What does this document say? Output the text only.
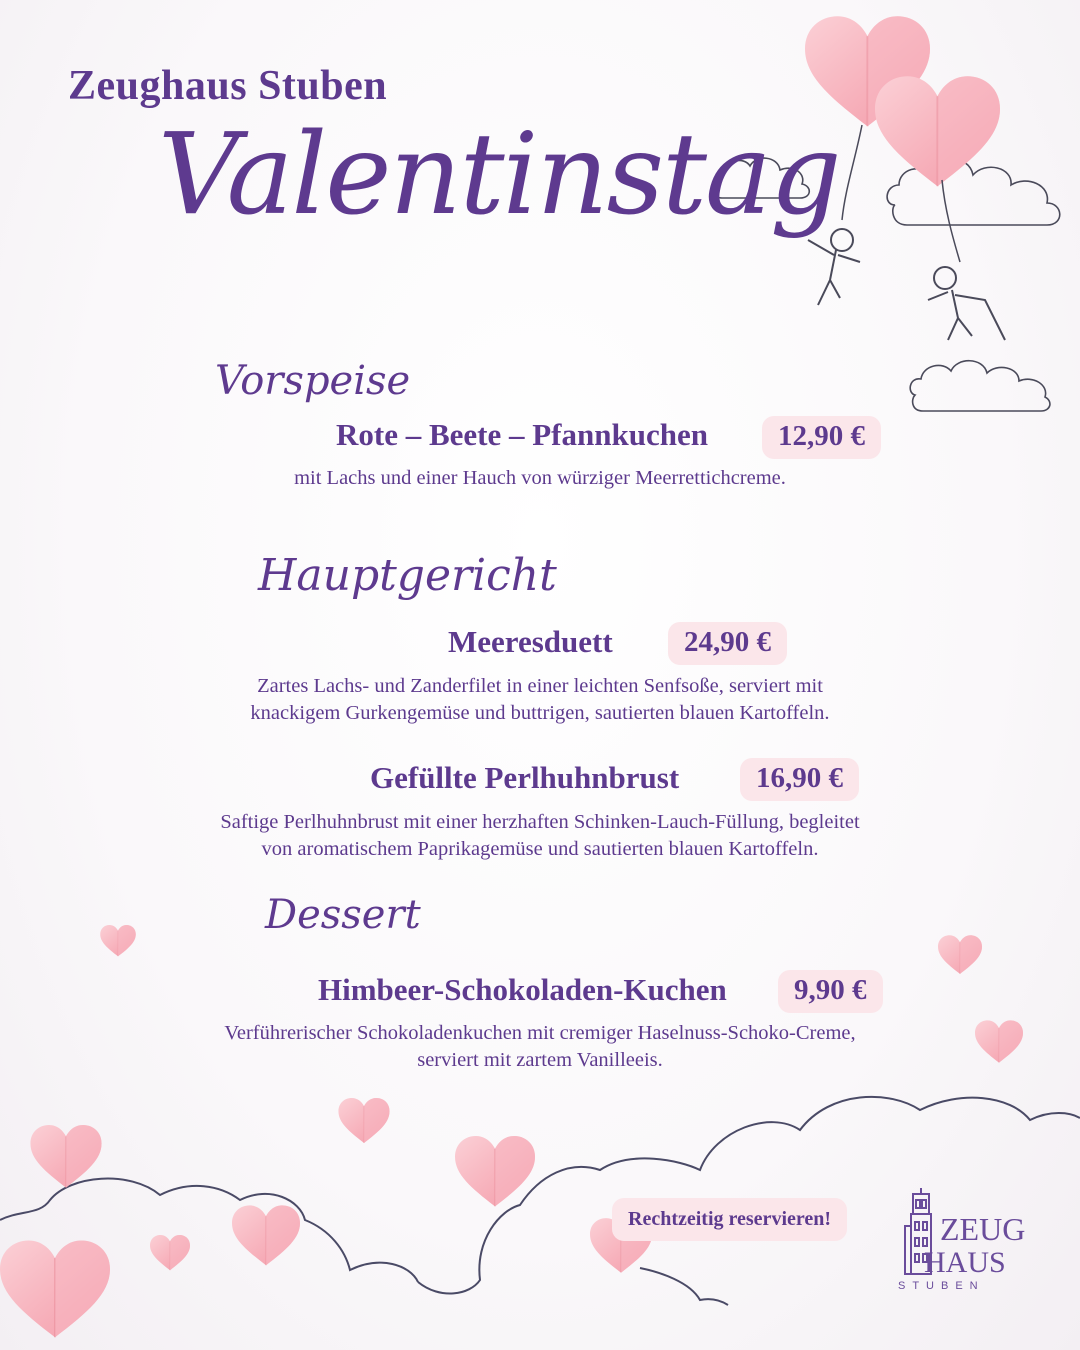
Zeughaus Stuben
Valentinstag
Vorspeise
Rote – Beete – Pfannkuchen	12,90 €
mit Lachs und einer Hauch von würziger Meerrettichcreme.
Hauptgericht
Meeresduett	24,90 €
Zartes Lachs- und Zanderfilet in einer leichten Senfsoße, serviert mit
knackigem Gurkengemüse und buttrigen, sautierten blauen Kartoffeln.
Gefüllte Perlhuhnbrust	16,90 €
Saftige Perlhuhnbrust mit einer herzhaften Schinken-Lauch-Füllung, begleitet
von aromatischem Paprikagemüse und sautierten blauen Kartoffeln.
Dessert
Himbeer-Schokoladen-Kuchen	9,90 €
Verführerischer Schokoladenkuchen mit cremiger Haselnuss-Schoko-Creme,
serviert mit zartem Vanilleeis.
Rechtzeitig reservieren!	ZEUG
HAUS
STUBEN
